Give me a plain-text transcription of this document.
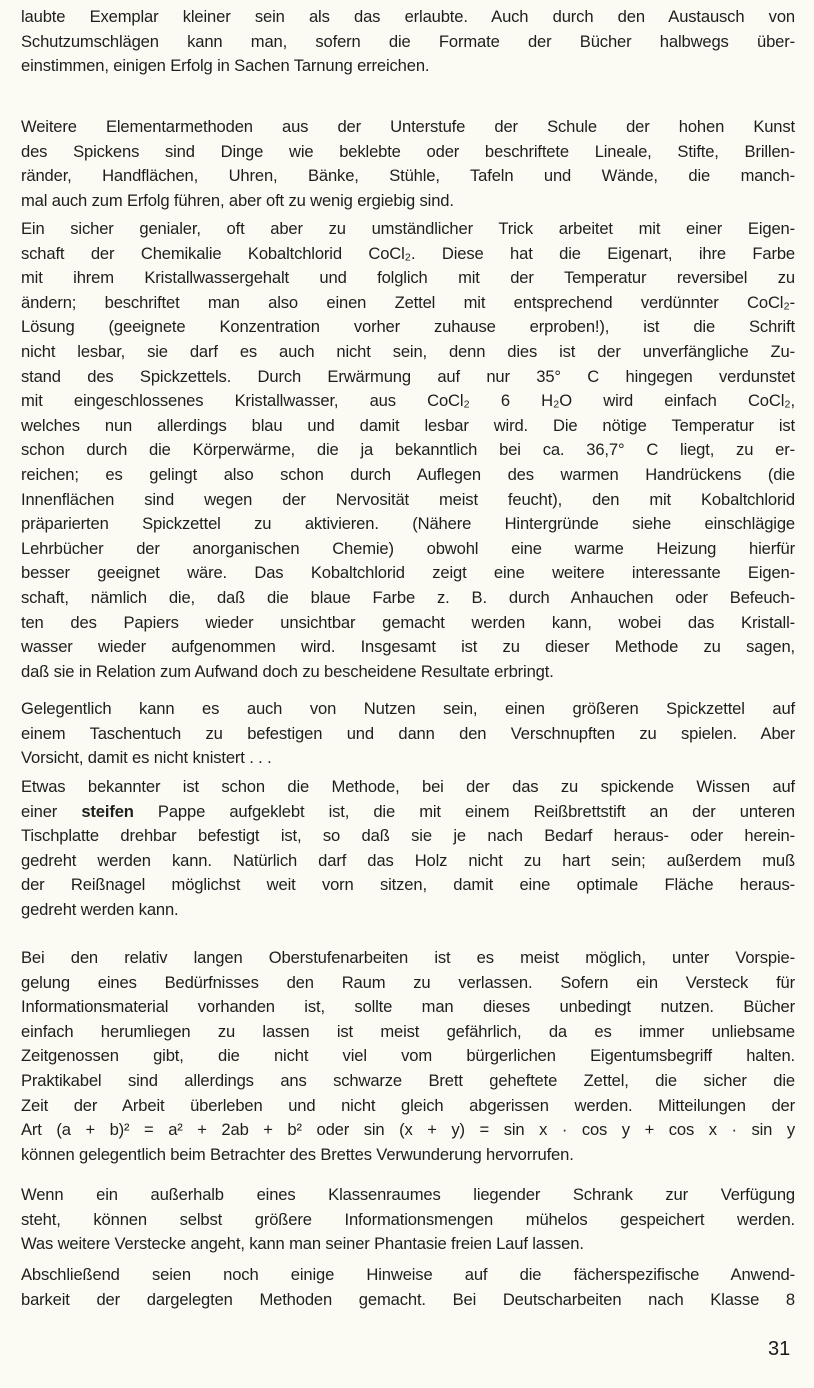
laubte Exemplar kleiner sein als das erlaubte. Auch durch den Austausch von
Schutzumschlägen kann man, sofern die Formate der Bücher halbwegs über-
einstimmen, einigen Erfolg in Sachen Tarnung erreichen.
Weitere Elementarmethoden aus der Unterstufe der Schule der hohen Kunst
des Spickens sind Dinge wie beklebte oder beschriftete Lineale, Stifte, Brillen-
ränder, Handflächen, Uhren, Bänke, Stühle, Tafeln und Wände, die manch-
mal auch zum Erfolg führen, aber oft zu wenig ergiebig sind.
Ein sicher genialer, oft aber zu umständlicher Trick arbeitet mit einer Eigen-
schaft der Chemikalie Kobaltchlorid CoCl₂. Diese hat die Eigenart, ihre Farbe
mit ihrem Kristallwassergehalt und folglich mit der Temperatur reversibel zu
ändern; beschriftet man also einen Zettel mit entsprechend verdünnter CoCl₂-
Lösung (geeignete Konzentration vorher zuhause erproben!), ist die Schrift
nicht lesbar, sie darf es auch nicht sein, denn dies ist der unverfängliche Zu-
stand des Spickzettels. Durch Erwärmung auf nur 35° C hingegen verdunstet
mit eingeschlossenes Kristallwasser, aus CoCl₂ 6 H₂O wird einfach CoCl₂,
welches nun allerdings blau und damit lesbar wird. Die nötige Temperatur ist
schon durch die Körperwärme, die ja bekanntlich bei ca. 36,7° C liegt, zu er-
reichen; es gelingt also schon durch Auflegen des warmen Handrückens (die
Innenflächen sind wegen der Nervosität meist feucht), den mit Kobaltchlorid
präparierten Spickzettel zu aktivieren. (Nähere Hintergründe siehe einschlägige
Lehrbücher der anorganischen Chemie) obwohl eine warme Heizung hierfür
besser geeignet wäre. Das Kobaltchlorid zeigt eine weitere interessante Eigen-
schaft, nämlich die, daß die blaue Farbe z. B. durch Anhauchen oder Befeuch-
ten des Papiers wieder unsichtbar gemacht werden kann, wobei das Kristall-
wasser wieder aufgenommen wird. Insgesamt ist zu dieser Methode zu sagen,
daß sie in Relation zum Aufwand doch zu bescheidene Resultate erbringt.
Gelegentlich kann es auch von Nutzen sein, einen größeren Spickzettel auf
einem Taschentuch zu befestigen und dann den Verschnupften zu spielen. Aber
Vorsicht, damit es nicht knistert . . .
Etwas bekannter ist schon die Methode, bei der das zu spickende Wissen auf
einer steifen Pappe aufgeklebt ist, die mit einem Reißbrettstift an der unteren
Tischplatte drehbar befestigt ist, so daß sie je nach Bedarf heraus- oder herein-
gedreht werden kann. Natürlich darf das Holz nicht zu hart sein; außerdem muß
der Reißnagel möglichst weit vorn sitzen, damit eine optimale Fläche heraus-
gedreht werden kann.
Bei den relativ langen Oberstufenarbeiten ist es meist möglich, unter Vorspie-
gelung eines Bedürfnisses den Raum zu verlassen. Sofern ein Versteck für
Informationsmaterial vorhanden ist, sollte man dieses unbedingt nutzen. Bücher
einfach herumliegen zu lassen ist meist gefährlich, da es immer unliebsame
Zeitgenossen gibt, die nicht viel vom bürgerlichen Eigentumsbegriff halten.
Praktikabel sind allerdings ans schwarze Brett geheftete Zettel, die sicher die
Zeit der Arbeit überleben und nicht gleich abgerissen werden. Mitteilungen der
Art (a + b)² = a² + 2ab + b² oder sin (x + y) = sin x · cos y + cos x · sin y
können gelegentlich beim Betrachter des Brettes Verwunderung hervorrufen.
Wenn ein außerhalb eines Klassenraumes liegender Schrank zur Verfügung
steht, können selbst größere Informationsmengen mühelos gespeichert werden.
Was weitere Verstecke angeht, kann man seiner Phantasie freien Lauf lassen.
Abschließend seien noch einige Hinweise auf die fächerspezifische Anwend-
barkeit der dargelegten Methoden gemacht. Bei Deutscharbeiten nach Klasse 8
31
